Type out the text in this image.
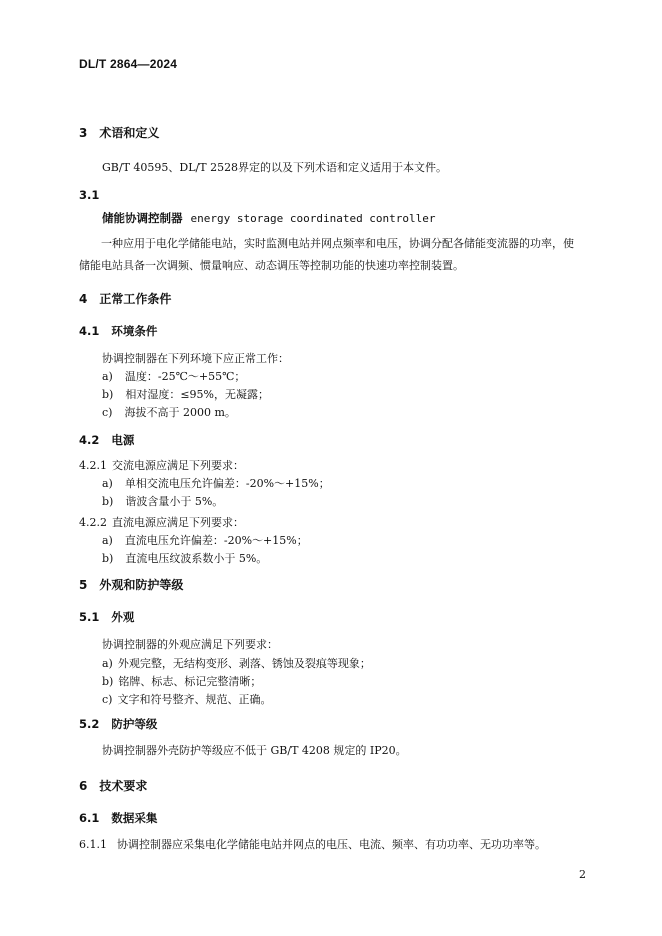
DL/T 2864—2024
3 术语和定义
GB/T 40595、DL/T 2528界定的以及下列术语和定义适用于本文件。
3.1
储能协调控制器 energy storage coordinated controller
一种应用于电化学储能电站，实时监测电站并网点频率和电压，协调分配各储能变流器的功率，使储能电站具备一次调频、惯量响应、动态调压等控制功能的快速功率控制装置。
4 正常工作条件
4.1 环境条件
协调控制器在下列环境下应正常工作：
a) 温度：-25℃～+55℃；
b) 相对湿度：≤95%，无凝露；
c) 海拔不高于 2000 m。
4.2 电源
4.2.1 交流电源应满足下列要求：
a) 单相交流电压允许偏差：-20%～+15%；
b) 谐波含量小于 5%。
4.2.2 直流电源应满足下列要求：
a) 直流电压允许偏差：-20%～+15%；
b) 直流电压纹波系数小于 5%。
5 外观和防护等级
5.1 外观
协调控制器的外观应满足下列要求：
a) 外观完整，无结构变形、剥落、锈蚀及裂痕等现象；
b) 铭牌、标志、标记完整清晰；
c) 文字和符号整齐、规范、正确。
5.2 防护等级
协调控制器外壳防护等级应不低于 GB/T 4208 规定的 IP20。
6 技术要求
6.1 数据采集
6.1.1 协调控制器应采集电化学储能电站并网点的电压、电流、频率、有功功率、无功功率等。
2
